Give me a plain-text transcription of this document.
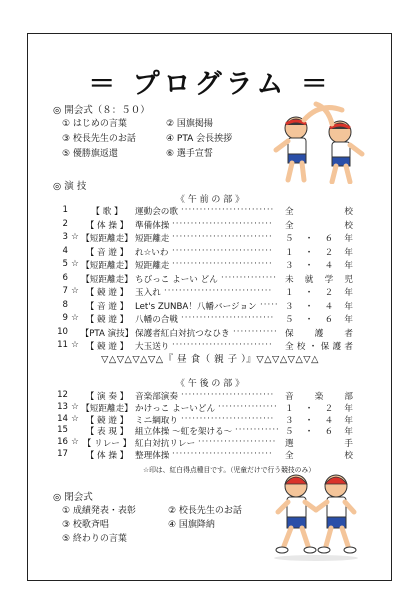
＝ プログラム ＝
◎ 開会式（８：５０）
① はじめの言葉	② 国旗掲揚
③ 校長先生のお話	④ PTA 会長挨拶
⑤ 優勝旗返還	⑥ 選手宣誓
◎ 演 技
《 午 前 の 部 》
1	【 歌 】	運動会の歌	全 校
·························
2	【 体 操 】 準備体操	全 校
···························
3 ☆ 【短距離走】 短距離走	５ ・ ６ 年
···························
4	【 音 遊 】 れ☆いわ	１ ・ ２ 年
···························
5 ☆ 【短距離走】 短距離走	３ ・ ４ 年
···························
6 【短距離走】 ちびっこ よーい どん	未 就 学 児
···············
7 ☆ 【 競 遊 】 玉入れ	１ ・ ２ 年
·····························
8	【 音 遊 】 Let's ZUNBA！八幡バージョン	３ ・ ４ 年
·····
9 ☆ 【 競 遊 】 八幡の合戦	５ ・ ６ 年
·························
10 【PTA 演技】 保護者紅白対抗つなひき	保 護 者
············
11 ☆ 【 競 遊 】 大玉送り	全校・保護者
···························
▽△▽△▽△▽△『 昼 食（ 親 子 ）』▽△▽△▽△▽△
《 午 後 の 部 》
12	【 演 奏 】 音楽部演奏	音 楽 部
·························
13 ☆ 【短距離走】 かけっこ よーいどん	１ ・ ２ 年
················
14 ☆ 【 競 遊 】 ミニ綱取り	３ ・ ４ 年
·························
15	【 表 現 】 組立体操 〜虹を架ける〜	５ ・ ６ 年
············
16 ☆ 【 リレー 】 紅白対抗リレー	選 手
·····················
17	【 体 操 】 整理体操	全 校
···························
☆印は、紅白得点種目です。（児童だけで行う競技のみ）
◎ 閉会式
① 成績発表・表彰	② 校長先生のお話
③ 校歌斉唱	④ 国旗降納
⑤ 終わりの言葉
